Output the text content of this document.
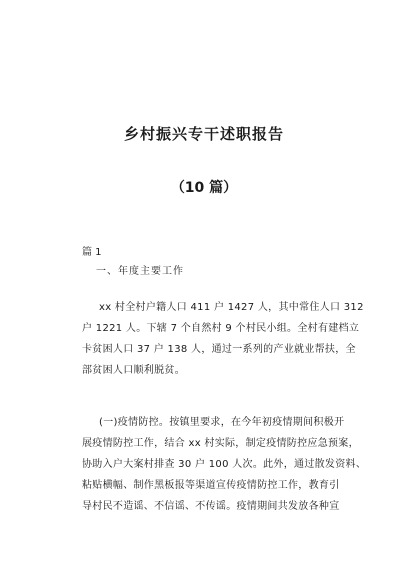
乡村振兴专干述职报告
（10 篇）
篇 1
一、年度主要工作
xx 村全村户籍人口 411 户 1427 人，其中常住人口 312
户 1221 人。下辖 7 个自然村 9 个村民小组。全村有建档立
卡贫困人口 37 户 138 人，通过一系列的产业就业帮扶，全
部贫困人口顺利脱贫。
(一)疫情防控。按镇里要求，在今年初疫情期间积极开
展疫情防控工作，结合 xx 村实际，制定疫情防控应急预案，
协助入户大案村排查 30 户 100 人次。此外，通过散发资料、
粘贴横幅、制作黑板报等渠道宣传疫情防控工作，教育引
导村民不造谣、不信谣、不传谣。疫情期间共发放各种宣
